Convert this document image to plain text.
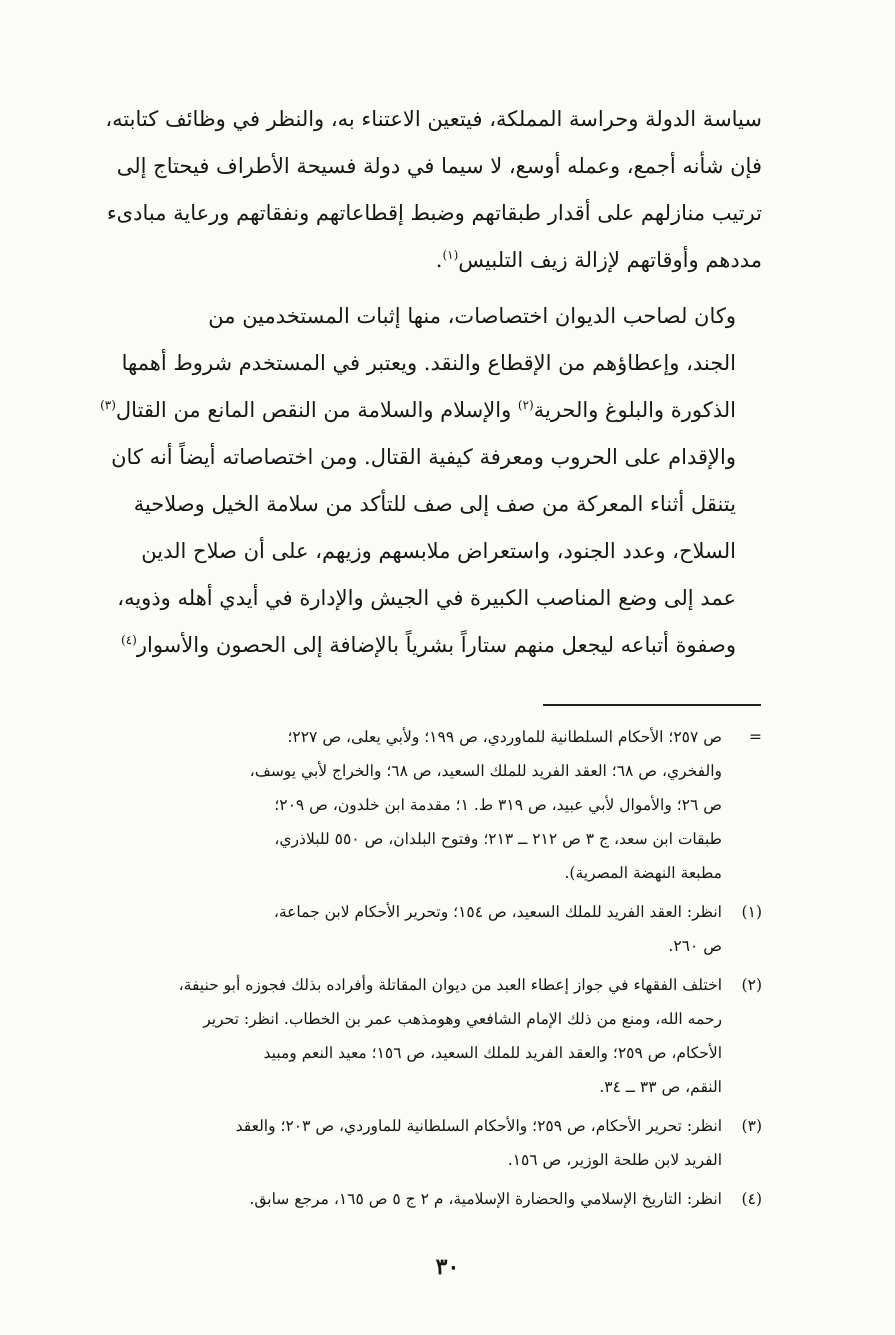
سياسة الدولة وحراسة المملكة، فيتعين الاعتناء به، والنظر في وظائف كتابته،
فإن شأنه أجمع، وعمله أوسع، لا سيما في دولة فسيحة الأطراف فيحتاج إلى
ترتيب منازلهم على أقدار طبقاتهم وضبط إقطاعاتهم ونفقاتهم ورعاية مبادىء
مددهم وأوقاتهم لإزالة زيف التلبيس$^{(١)}$.

وكان لصاحب الديوان اختصاصات، منها إثبات المستخدمين من
الجند، وإعطاؤهم من الإقطاع والنقد. ويعتبر في المستخدم شروط أهمها
الذكورة والبلوغ والحرية$^{(٢)}$ والإسلام والسلامة من النقص المانع من القتال$^{(٣)}$
والإقدام على الحروب ومعرفة كيفية القتال. ومن اختصاصاته أيضاً أنه كان
يتنقل أثناء المعركة من صف إلى صف للتأكد من سلامة الخيل وصلاحية
السلاح، وعدد الجنود، واستعراض ملابسهم وزيهم، على أن صلاح الدين
عمد إلى وضع المناصب الكبيرة في الجيش والإدارة في أيدي أهله وذويه،
وصفوة أتباعه ليجعل منهم ستاراً بشرياً بالإضافة إلى الحصون والأسوار$^{(٤)}$

=
ص ٢٥٧؛ الأحكام السلطانية للماوردي، ص ١٩٩؛ ولأبي يعلى، ص ٢٢٧؛
والفخري، ص ٦٨؛ العقد الفريد للملك السعيد، ص ٦٨؛ والخراج لأبي يوسف،
ص ٢٦؛ والأموال لأبي عبيد، ص ٣١٩ ط. ١؛ مقدمة ابن خلدون، ص ٢٠٩؛
طبقات ابن سعد، ج ٣ ص ٢١٢ ــ ٢١٣؛ وفتوح البلدان، ص ٥٥٠ للبلاذري،
مطبعة النهضة المصرية).
(١)
انظر: العقد الفريد للملك السعيد، ص ١٥٤؛ وتحرير الأحكام لابن جماعة،
ص ٢٦٠.
(٢)
اختلف الفقهاء في جواز إعطاء العبد من ديوان المقاتلة وأفراده بذلك فجوزه أبو حنيفة،
رحمه الله، ومنع من ذلك الإمام الشافعي وهومذهب عمر بن الخطاب. انظر: تحرير
الأحكام، ص ٢٥٩؛ والعقد الفريد للملك السعيد، ص ١٥٦؛ معيد النعم ومبيد
النقم، ص ٣٣ ــ ٣٤.
(٣)
انظر: تحرير الأحكام، ص ٢٥٩؛ والأحكام السلطانية للماوردي، ص ٢٠٣؛ والعقد
الفريد لابن طلحة الوزير، ص ١٥٦.
(٤)
انظر: التاريخ الإسلامي والحضارة الإسلامية، م ٢ ج ٥ ص ١٦٥، مرجع سابق.
٣٠
